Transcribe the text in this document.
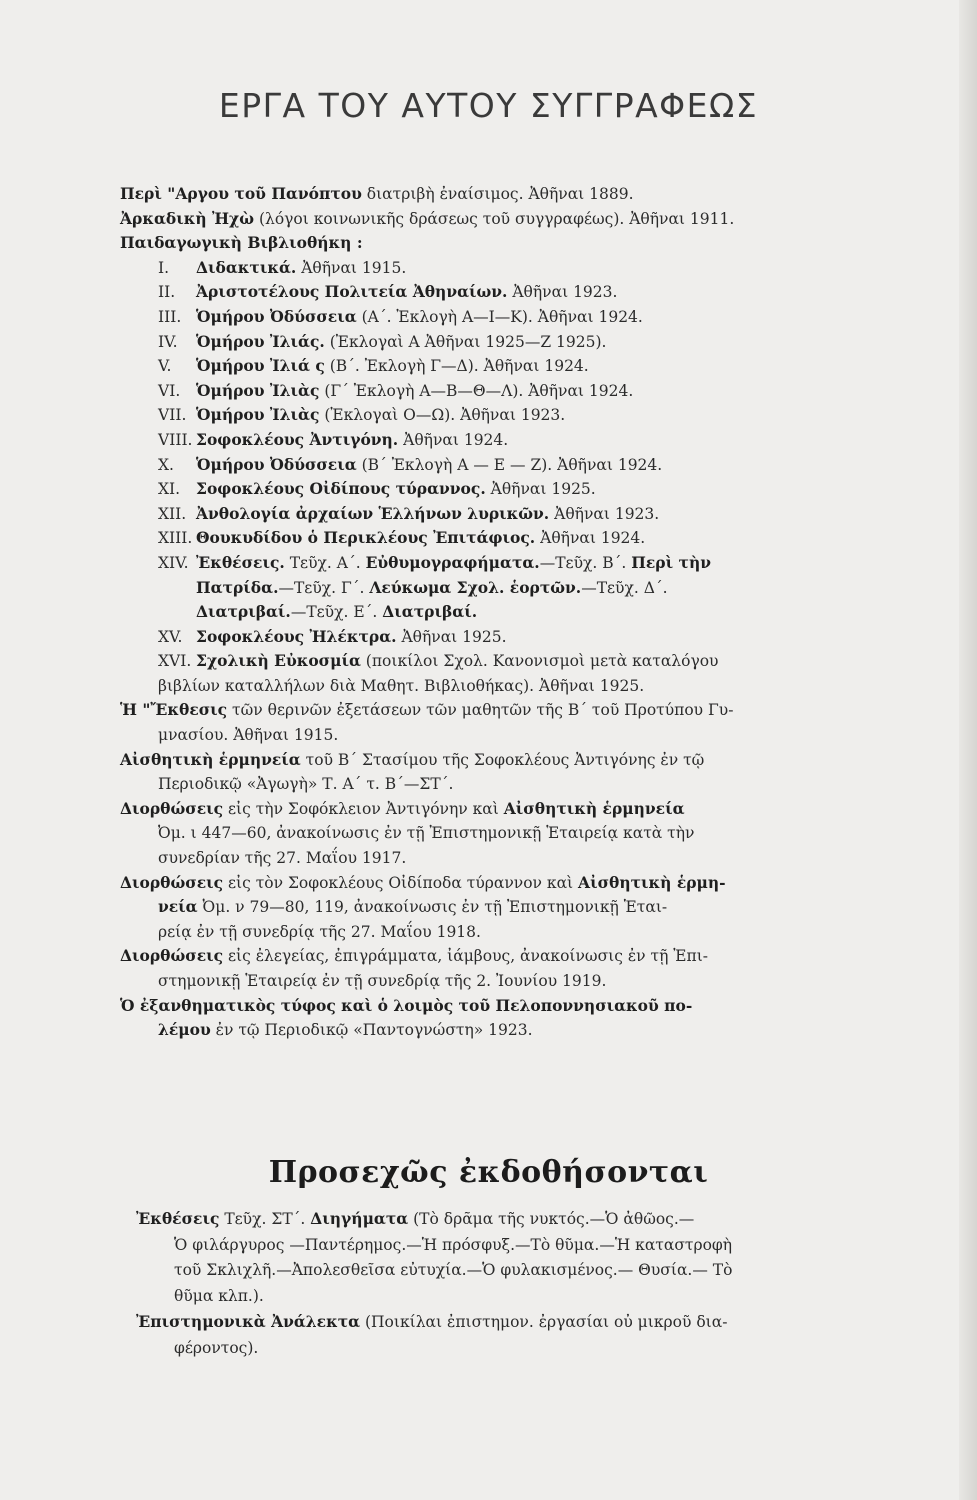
ΕΡΓΑ ΤΟΥ ΑΥΤΟΥ ΣΥΓΓΡΑΦΕΩΣ
Περὶ "Αργου τοῦ Πανόπτου διατριβὴ ἐναίσιμος. Ἀθῆναι 1889.
Ἀρκαδικὴ Ἠχὼ (λόγοι κοινωνικῆς δράσεως τοῦ συγγραφέως). Ἀθῆναι 1911.
Παιδαγωγικὴ Βιβλιοθήκη :
I. Διδακτικά. Ἀθῆναι 1915.
II. Ἀριστοτέλους Πολιτεία Ἀθηναίων. Ἀθῆναι 1923.
III. Ὁμήρου Ὀδύσσεια (Α΄. Ἐκλογὴ Α—Ι—Κ). Ἀθῆναι 1924.
IV. Ὁμήρου Ἰλιάς. (Ἐκλογαὶ Α Ἀθῆναι 1925—Ζ 1925).
V. Ὁμήρου Ἰλιά ς (Β΄. Ἐκλογὴ Γ—Δ). Ἀθῆναι 1924.
VI. Ὁμήρου Ἰλιὰς (Γ΄ Ἐκλογὴ Α—Β—Θ—Λ). Ἀθῆναι 1924.
VII. Ὁμήρου Ἰλιὰς (Ἐκλογαὶ Ο—Ω). Ἀθῆναι 1923.
VIII. Σοφοκλέους Ἀντιγόνη. Ἀθῆναι 1924.
X. Ὁμήρου Ὀδύσσεια (Β΄ Ἐκλογὴ Α — Ε — Ζ). Ἀθῆναι 1924.
XI. Σοφοκλέους Οἰδίπους τύραννος. Ἀθῆναι 1925.
XII. Ἀνθολογία ἀρχαίων Ἑλλήνων λυρικῶν. Ἀθῆναι 1923.
XIII. Θουκυδίδου ὁ Περικλέους Ἐπιτάφιος. Ἀθῆναι 1924.
XIV. Ἐκθέσεις. Τεῦχ. Α΄. Εὐθυμογραφήματα.—Τεῦχ. Β΄. Περὶ τὴν
Πατρίδα.—Τεῦχ. Γ΄. Λεύκωμα Σχολ. ἑορτῶν.—Τεῦχ. Δ΄.
Διατριβαί.—Τεῦχ. Ε΄. Διατριβαί.
XV. Σοφοκλέους Ἠλέκτρα. Ἀθῆναι 1925.
XVI. Σχολικὴ Εὐκοσμία (ποικίλοι Σχολ. Κανονισμοὶ μετὰ καταλόγου
βιβλίων καταλλήλων διὰ Μαθητ. Βιβλιοθήκας). Ἀθῆναι 1925.
Ἡ "Ἔκθεσις τῶν θερινῶν ἐξετάσεων τῶν μαθητῶν τῆς Β΄ τοῦ Προτύπου Γυ-
μνασίου. Ἀθῆναι 1915.
Αἰσθητικὴ ἑρμηνεία τοῦ Β΄ Στασίμου τῆς Σοφοκλέους Ἀντιγόνης ἐν τῷ
Περιοδικῷ «Ἀγωγὴ» Τ. Α΄ τ. Β΄—ΣΤ΄.
Διορθώσεις εἰς τὴν Σοφόκλειον Ἀντιγόνην καὶ Αἰσθητικὴ ἑρμηνεία
Ὀμ. ι 447—60, ἀνακοίνωσις ἐν τῇ Ἐπιστημονικῇ Ἑταιρείᾳ κατὰ τὴν
συνεδρίαν τῆς 27. Μαΐου 1917.
Διορθώσεις εἰς τὸν Σοφοκλέους Οἰδίποδα τύραννον καὶ Αἰσθητικὴ ἑρμη-
νεία Ὀμ. ν 79—80, 119, ἀνακοίνωσις ἐν τῇ Ἐπιστημονικῇ Ἑται-
ρείᾳ ἐν τῇ συνεδρίᾳ τῆς 27. Μαΐου 1918.
Διορθώσεις εἰς ἐλεγείας, ἐπιγράμματα, ἰάμβους, ἀνακοίνωσις ἐν τῇ Ἐπι-
στημονικῇ Ἑταιρείᾳ ἐν τῇ συνεδρίᾳ τῆς 2. Ἰουνίου 1919.
Ὁ ἐξανθηματικὸς τύφος καὶ ὁ λοιμὸς τοῦ Πελοποννησιακοῦ πο-
λέμου ἐν τῷ Περιοδικῷ «Παντογνώστη» 1923.
Προσεχῶς ἐκδοθήσονται
Ἐκθέσεις Τεῦχ. ΣΤ΄. Διηγήματα (Τὸ δρᾶμα τῆς νυκτός.—Ὁ ἀθῶος.—
Ὁ φιλάργυρος —Παντέρημος.—Ἡ πρόσφυξ.—Τὸ θῦμα.—Ἡ καταστροφὴ
τοῦ Σκλιχλῆ.—Ἀπολεσθεῖσα εὐτυχία.—Ὁ φυλακισμένος.— Θυσία.— Τὸ
θῦμα κλπ.).
Ἐπιστημονικὰ Ἀνάλεκτα (Ποικίλαι ἐπιστημον. ἐργασίαι οὐ μικροῦ δια-
φέροντος).
